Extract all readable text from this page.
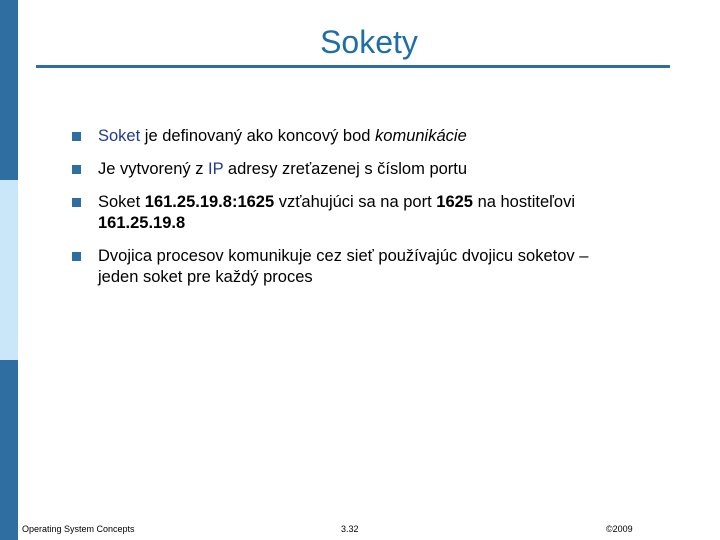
Sokety
Soket je definovaný ako koncový bod komunikácie
Je vytvorený z IP adresy zreťazenej s číslom portu
Soket 161.25.19.8:1625 vzťahujúci sa na port 1625 na hostiteľovi 161.25.19.8
Dvojica procesov komunikuje cez sieť používajúc dvojicu soketov – jeden soket pre každý proces
Operating System Concepts	3.32	©2009
